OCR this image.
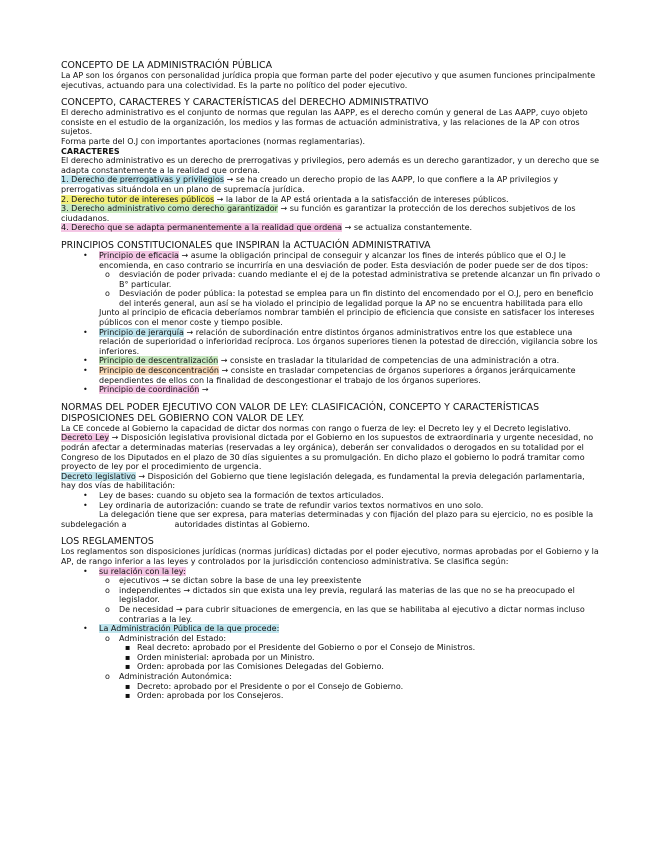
CONCEPTO DE LA ADMINISTRACIÓN PÚBLICA

La AP son los órganos con personalidad jurídica propia que forman parte del poder ejecutivo y que asumen funciones principalmente ejecutivas, actuando para una colectividad. Es la parte no político del poder ejecutivo.

CONCEPTO, CARACTERES Y CARACTERÍSTICAS del DERECHO ADMINISTRATIVO

El derecho administrativo es el conjunto de normas que regulan las AAPP, es el derecho común y general de Las AAPP, cuyo objeto consiste en el estudio de la organización, los medios y las formas de actuación administrativa, y las relaciones de la AP con otros sujetos.

Forma parte del O.J con importantes aportaciones (normas reglamentarias).

CARACTERES

El derecho administrativo es un derecho de prerrogativas y privilegios, pero además es un derecho garantizador, y un derecho que se adapta constantemente a la realidad que ordena.

1. Derecho de prerrogativas y privilegios → se ha creado un derecho propio de las AAPP, lo que confiere a la AP privilegios y prerrogativas situándola en un plano de supremacía jurídica.

2. Derecho tutor de intereses públicos → la labor de la AP está orientada a la satisfacción de intereses públicos.

3. Derecho administrativo como derecho garantizador → su función es garantizar la protección de los derechos subjetivos de los ciudadanos.

4. Derecho que se adapta permanentemente a la realidad que ordena → se actualiza constantemente.

PRINCIPIOS CONSTITUCIONALES que INSPIRAN la ACTUACIÓN ADMINISTRATIVA

• Principio de eficacia → asume la obligación principal de conseguir y alcanzar los fines de interés público que el O.J le encomienda, en caso contrario se incurriría en una desviación de poder. Esta desviación de poder puede ser de dos tipos:
o desviación de poder privada: cuando mediante el ej de la potestad administrativa se pretende alcanzar un fin privado o B° particular.
o Desviación de poder pública: la potestad se emplea para un fin distinto del encomendado por el O.J, pero en beneficio del interés general, aun así se ha violado el principio de legalidad porque la AP no se encuentra habilitada para ello

Junto al principio de eficacia deberíamos nombrar también el principio de eficiencia que consiste en satisfacer los intereses públicos con el menor coste y tiempo posible.

• Principio de jerarquía → relación de subordinación entre distintos órganos administrativos entre los que establece una relación de superioridad o inferioridad recíproca. Los órganos superiores tienen la potestad de dirección, vigilancia sobre los inferiores.
• Principio de descentralización → consiste en trasladar la titularidad de competencias de una administración a otra.
• Principio de desconcentración → consiste en trasladar competencias de órganos superiores a órganos jerárquicamente dependientes de ellos con la finalidad de descongestionar el trabajo de los órganos superiores.
• Principio de coordinación →

NORMAS DEL PODER EJECUTIVO CON VALOR DE LEY: CLASIFICACIÓN, CONCEPTO Y CARACTERÍSTICAS

DISPOSICIONES DEL GOBIERNO CON VALOR DE LEY.

La CE concede al Gobierno la capacidad de dictar dos normas con rango o fuerza de ley: el Decreto ley y el Decreto legislativo.

Decreto Ley → Disposición legislativa provisional dictada por el Gobierno en los supuestos de extraordinaria y urgente necesidad, no podrán afectar a determinadas materias (reservadas a ley orgánica), deberán ser convalidados o derogados en su totalidad por el Congreso de los Diputados en el plazo de 30 días siguientes a su promulgación. En dicho plazo el gobierno lo podrá tramitar como proyecto de ley por el procedimiento de urgencia.

Decreto legislativo → Disposición del Gobierno que tiene legislación delegada, es fundamental la previa delegación parlamentaria, hay dos vías de habilitación:

• Ley de bases: cuando su objeto sea la formación de textos articulados.
• Ley ordinaria de autorización: cuando se trate de refundir varios textos normativos en uno solo.

La delegación tiene que ser expresa, para materias determinadas y con fijación del plazo para su ejercicio, no es posible la subdelegación a	autoridades distintas al Gobierno.

LOS REGLAMENTOS

Los reglamentos son disposiciones jurídicas (normas jurídicas) dictadas por el poder ejecutivo, normas aprobadas por el Gobierno y la AP, de rango inferior a las leyes y controlados por la jurisdicción contencioso administrativa. Se clasifica según:

• su relación con la ley:
o ejecutivos → se dictan sobre la base de una ley preexistente
o independientes → dictados sin que exista una ley previa, regulará las materias de las que no se ha preocupado el legislador.
o De necesidad → para cubrir situaciones de emergencia, en las que se habilitaba al ejecutivo a dictar normas incluso contrarias a la ley.
• La Administración Pública de la que procede:
o Administración del Estado:
▪ Real decreto: aprobado por el Presidente del Gobierno o por el Consejo de Ministros.
▪ Orden ministerial: aprobada por un Ministro.
▪ Orden: aprobada por las Comisiones Delegadas del Gobierno.
o Administración Autonómica:
▪ Decreto: aprobado por el Presidente o por el Consejo de Gobierno.
▪ Orden: aprobada por los Consejeros.
